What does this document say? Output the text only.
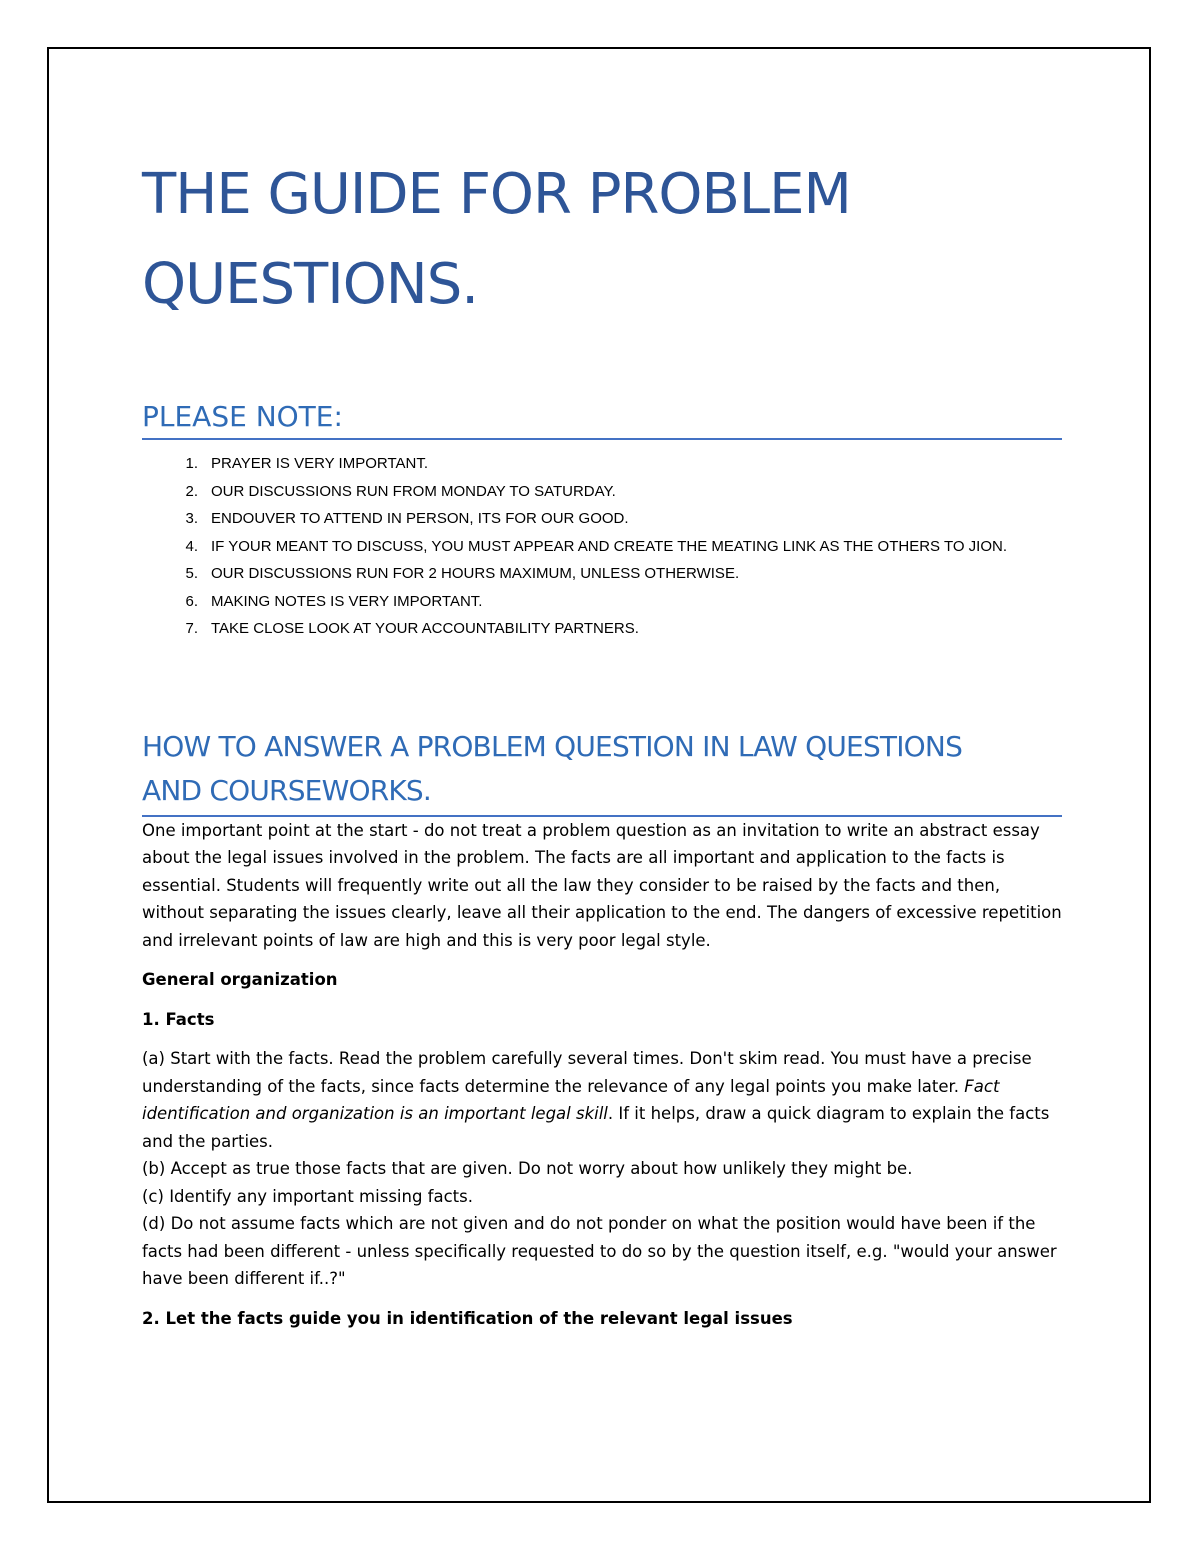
THE GUIDE FOR PROBLEM
QUESTIONS.
PLEASE NOTE:
1. PRAYER IS VERY IMPORTANT.
2. OUR DISCUSSIONS RUN FROM MONDAY TO SATURDAY.
3. ENDOUVER TO ATTEND IN PERSON, ITS FOR OUR GOOD.
4. IF YOUR MEANT TO DISCUSS, YOU MUST APPEAR AND CREATE THE MEATING LINK AS THE OTHERS TO JION.
5. OUR DISCUSSIONS RUN FOR 2 HOURS MAXIMUM, UNLESS OTHERWISE.
6. MAKING NOTES IS VERY IMPORTANT.
7. TAKE CLOSE LOOK AT YOUR ACCOUNTABILITY PARTNERS.
HOW TO ANSWER A PROBLEM QUESTION IN LAW QUESTIONS
AND COURSEWORKS.

One important point at the start - do not treat a problem question as an invitation to write an abstract essay about the legal issues involved in the problem. The facts are all important and application to the facts is essential. Students will frequently write out all the law they consider to be raised by the facts and then, without separating the issues clearly, leave all their application to the end. The dangers of excessive repetition and irrelevant points of law are high and this is very poor legal style.

General organization

1. Facts

(a) Start with the facts. Read the problem carefully several times. Don't skim read. You must have a precise understanding of the facts, since facts determine the relevance of any legal points you make later. Fact identification and organization is an important legal skill. If it helps, draw a quick diagram to explain the facts and the parties.

(b) Accept as true those facts that are given. Do not worry about how unlikely they might be.

(c) Identify any important missing facts.

(d) Do not assume facts which are not given and do not ponder on what the position would have been if the facts had been different - unless specifically requested to do so by the question itself, e.g. "would your answer have been different if..?"

2. Let the facts guide you in identification of the relevant legal issues
